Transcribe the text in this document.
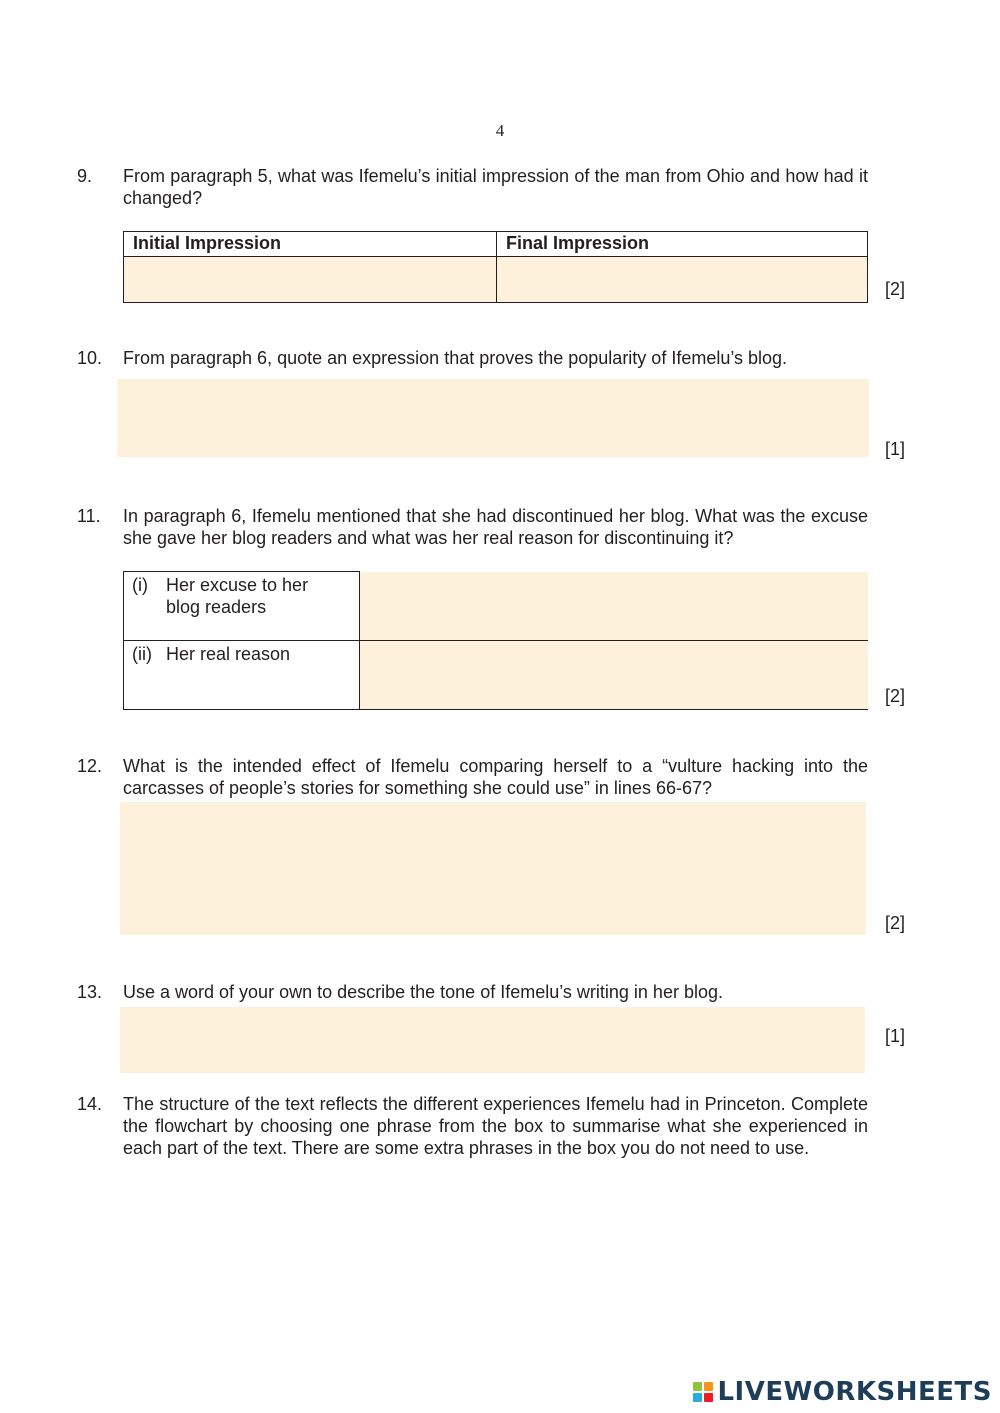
4
9. From paragraph 5, what was Ifemelu’s initial impression of the man from Ohio and how had it changed?
Initial Impression	Final Impression

[2]
10. From paragraph 6, quote an expression that proves the popularity of Ifemelu’s blog.
[1]
11. In paragraph 6, Ifemelu mentioned that she had discontinued her blog. What was the excuse she gave her blog readers and what was her real reason for discontinuing it?
(i) Her excuse to her
blog readers

(ii) Her real reason

[2]
12. What is the intended effect of Ifemelu comparing herself to a “vulture hacking into the carcasses of people’s stories for something she could use” in lines 66-67?
[2]
13. Use a word of your own to describe the tone of Ifemelu’s writing in her blog.
[1]
14. The structure of the text reflects the different experiences Ifemelu had in Princeton. Complete the flowchart by choosing one phrase from the box to summarise what she experienced in each part of the text. There are some extra phrases in the box you do not need to use.
LIVEWORKSHEETS
